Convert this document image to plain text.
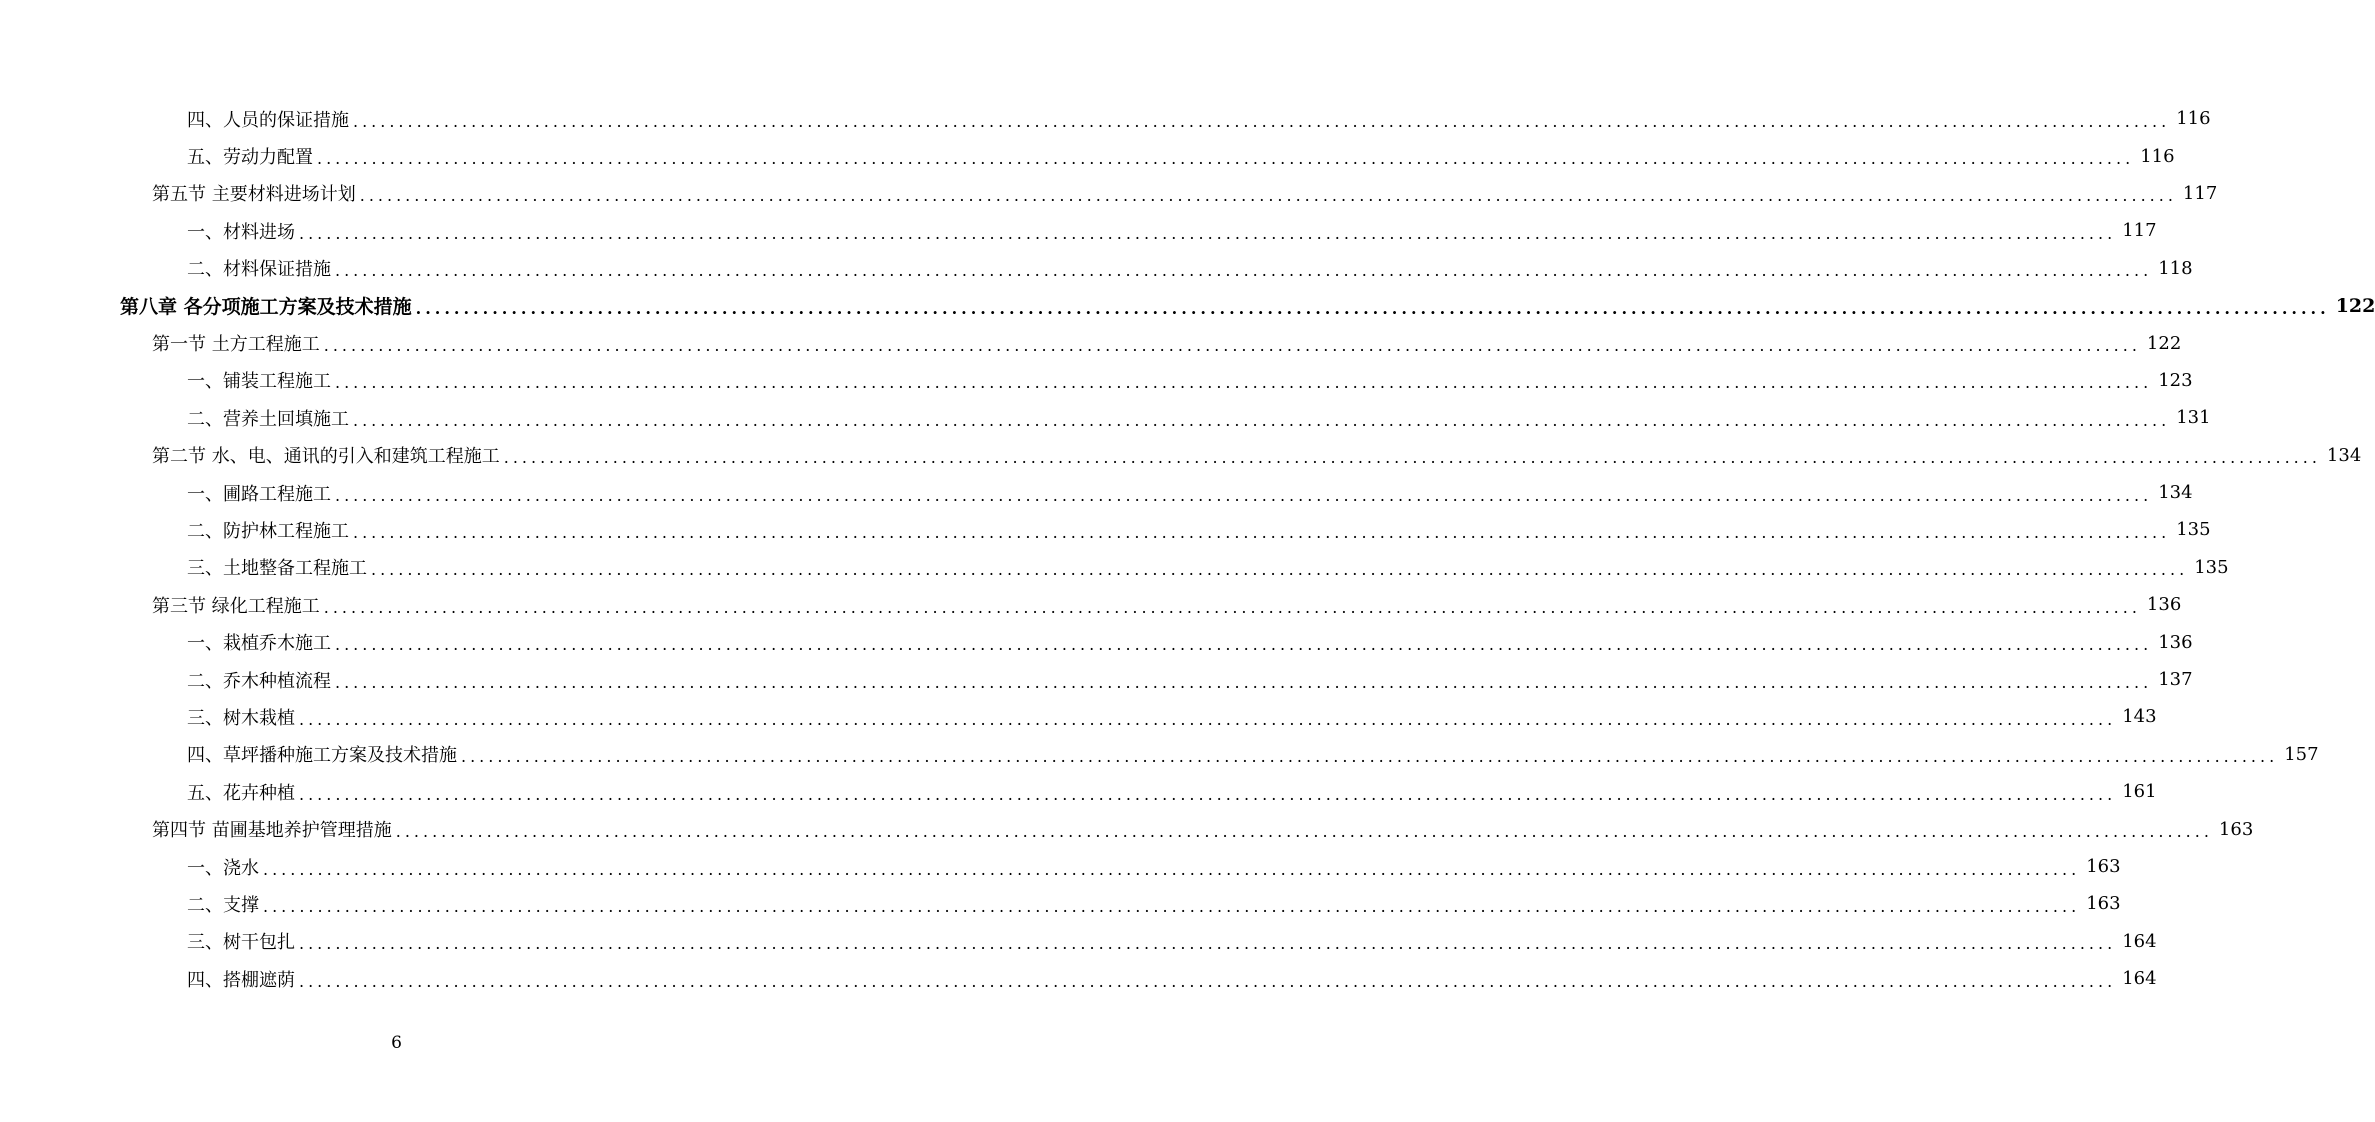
四、人员的保证措施 ........................................................................................................................................................................................................ 116
五、劳动力配置 ........................................................................................................................................................................................................ 116
第五节 主要材料进场计划 ........................................................................................................................................................................................................ 117
一、材料进场 ........................................................................................................................................................................................................ 117
二、材料保证措施 ........................................................................................................................................................................................................ 118
第八章 各分项施工方案及技术措施 ........................................................................................................................................................................................................ 122
第一节 土方工程施工 ........................................................................................................................................................................................................ 122
一、铺装工程施工 ........................................................................................................................................................................................................ 123
二、营养土回填施工 ........................................................................................................................................................................................................ 131
第二节 水、电、通讯的引入和建筑工程施工 ........................................................................................................................................................................................................ 134
一、圃路工程施工 ........................................................................................................................................................................................................ 134
二、防护林工程施工 ........................................................................................................................................................................................................ 135
三、土地整备工程施工 ........................................................................................................................................................................................................ 135
第三节 绿化工程施工 ........................................................................................................................................................................................................ 136
一、栽植乔木施工 ........................................................................................................................................................................................................ 136
二、乔木种植流程 ........................................................................................................................................................................................................ 137
三、树木栽植 ........................................................................................................................................................................................................ 143
四、草坪播种施工方案及技术措施 ........................................................................................................................................................................................................ 157
五、花卉种植 ........................................................................................................................................................................................................ 161
第四节 苗圃基地养护管理措施 ........................................................................................................................................................................................................ 163
一、浇水 ........................................................................................................................................................................................................ 163
二、支撑 ........................................................................................................................................................................................................ 163
三、树干包扎 ........................................................................................................................................................................................................ 164
四、搭棚遮荫 ........................................................................................................................................................................................................ 164
6
